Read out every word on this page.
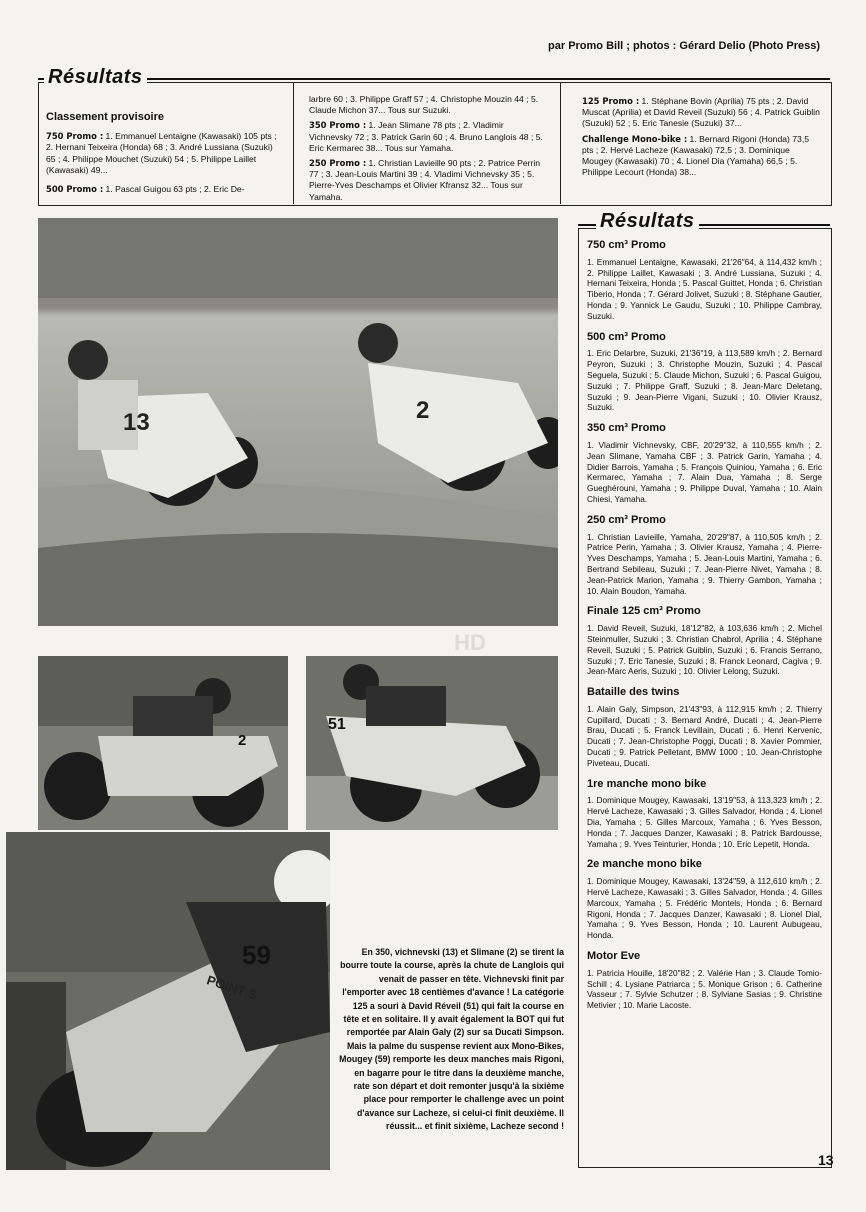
par Promo Bill ; photos : Gérard Delio (Photo Press)
Résultats
Classement provisoire

750 Promo : 1. Emmanuel Lentaigne (Kawasaki) 105 pts ; 2. Hernani Teixeira (Honda) 68 ; 3. André Lussiana (Suzuki) 65 ; 4. Philippe Mouchet (Suzuki) 54 ; 5. Philippe Laillet (Kawasaki) 49...

500 Promo : 1. Pascal Guigou 63 pts ; 2. Eric De-

larbre 60 ; 3. Philippe Graff 57 ; 4. Christophe Mouzin 44 ; 5. Claude Michon 37... Tous sur Suzuki.

350 Promo : 1. Jean Slimane 78 pts ; 2. Vladimir Vichnevsky 72 ; 3. Patrick Garin 60 ; 4. Bruno Langlois 48 ; 5. Eric Kermarec 38... Tous sur Yamaha.

250 Promo : 1. Christian Lavieille 90 pts ; 2. Patrice Perrin 77 ; 3. Jean-Louis Martini 39 ; 4. Vladimi Vichnevsky 35 ; 5. Pierre-Yves Deschamps et Olivier Kfransz 32... Tous sur Yamaha.

125 Promo : 1. Stéphane Bovin (Aprilia) 75 pts ; 2. David Muscat (Aprilia) et David Reveil (Suzuki) 56 ; 4. Patrick Guiblin (Suzuki) 52 ; 5. Eric Tanesie (Suzuki) 37...

Challenge Mono-bike : 1. Bernard Rigoni (Honda) 73,5 pts ; 2. Hervé Lacheze (Kawasaki) 72,5 ; 3. Dominique Mougey (Kawasaki) 70 ; 4. Lionel Dia (Yamaha) 66,5 ; 5. Philippe Lecourt (Honda) 38...

13	2
2
51
59
POINT S
HD
En 350, vichnevski (13) et Slimane (2) se tirent la bourre toute la course, après la chute de Langlois qui venait de passer en tête. Vichnevski finit par l'emporter avec 18 centièmes d'avance ! La catégorie 125 a souri à David Réveil (51) qui fait la course en tête et en solitaire. Il y avait également la BOT qui fut remportée par Alain Galy (2) sur sa Ducati Simpson. Mais la palme du suspense revient aux Mono-Bikes, Mougey (59) remporte les deux manches mais Rigoni, en bagarre pour le titre dans la deuxième manche, rate son départ et doit remonter jusqu'à la sixième place pour remporter le challenge avec un point d'avance sur Lacheze, si celui-ci finit deuxième. Il réussit... et finit sixième, Lacheze second !
Résultats
750 cm³ Promo

1. Emmanuel Lentaigne, Kawasaki, 21'26"64, à 114,432 km/h ; 2. Philippe Laillet, Kawasaki ; 3. André Lussiana, Suzuki ; 4. Hernani Teixeira, Honda ; 5. Pascal Guittet, Honda ; 6. Christian Tiberio, Honda ; 7. Gérard Jolivet, Suzuki ; 8. Stéphane Gautier, Honda ; 9. Yannick Le Gaudu, Suzuki ; 10. Philippe Cambray, Suzuki.

500 cm³ Promo

1. Eric Delarbre, Suzuki, 21'36"19, à 113,589 km/h ; 2. Bernard Peyron, Suzuki ; 3. Christophe Mouzin, Suzuki ; 4. Pascal Seguela, Suzuki ; 5. Claude Michon, Suzuki ; 6. Pascal Guigou, Suzuki ; 7. Philippe Graff, Suzuki ; 8. Jean-Marc Deletang, Suzuki ; 9. Jean-Pierre Vigani, Suzuki ; 10. Olivier Krausz, Suzuki.

350 cm³ Promo

1. Vladimir Vichnevsky, CBF, 20'29"32, à 110,555 km/h ; 2. Jean Slimane, Yamaha CBF ; 3. Patrick Garin, Yamaha ; 4. Didier Barrois, Yamaha ; 5. François Quiniou, Yamaha ; 6. Eric Kermarec, Yamaha ; 7. Alain Dua, Yamaha ; 8. Serge Gueghérouni, Yamaha ; 9. Philippe Duval, Yamaha ; 10. Alain Chiesi, Yamaha.

250 cm³ Promo

1. Christian Lavieille, Yamaha, 20'29"87, à 110,505 km/h ; 2. Patrice Perin, Yamaha ; 3. Olivier Krausz, Yamaha ; 4. Pierre-Yves Deschamps, Yamaha ; 5. Jean-Louis Martini, Yamaha ; 6. Bertrand Sebileau, Suzuki ; 7. Jean-Pierre Nivet, Yamaha ; 8. Jean-Patrick Marion, Yamaha ; 9. Thierry Gambon, Yamaha ; 10. Alain Boudon, Yamaha.

Finale 125 cm³ Promo

1. David Reveil, Suzuki, 18'12"82, à 103,636 km/h ; 2. Michel Steinmuller, Suzuki ; 3. Christian Chabrol, Aprilia ; 4. Stéphane Reveil, Suzuki ; 5. Patrick Guiblin, Suzuki ; 6. Francis Serrano, Suzuki ; 7. Eric Tanesie, Suzuki ; 8. Franck Leonard, Cagiva ; 9. Jean-Marc Aeris, Suzuki ; 10. Olivier Lelong, Suzuki.

Bataille des twins

1. Alain Galy, Simpson, 21'43"93, à 112,915 km/h ; 2. Thierry Cupillard, Ducati ; 3. Bernard André, Ducati ; 4. Jean-Pierre Brau, Ducati ; 5. Franck Levillain, Ducati ; 6. Henri Kervenic, Ducati ; 7. Jean-Christophe Poggi, Ducati ; 8. Xavier Pommier, Ducati ; 9. Patrick Pelletant, BMW 1000 ; 10. Jean-Christophe Piveteau, Ducati.

1re manche mono bike

1. Dominique Mougey, Kawasaki, 13'19"53, à 113,323 km/h ; 2. Hervé Lacheze, Kawasaki ; 3. Gilles Salvador, Honda ; 4. Lionel Dia, Yamaha ; 5. Gilles Marcoux, Yamaha ; 6. Yves Besson, Honda ; 7. Jacques Danzer, Kawasaki ; 8. Patrick Bardousse, Yamaha ; 9. Yves Teinturier, Honda ; 10. Eric Lepetit, Honda.

2e manche mono bike

1. Dominique Mougey, Kawasaki, 13'24"59, à 112,610 km/h ; 2. Hervé Lacheze, Kawasaki ; 3. Gilles Salvador, Honda ; 4. Gilles Marcoux, Yamaha ; 5. Frédéric Montels, Honda ; 6. Bernard Rigoni, Honda ; 7. Jacques Danzer, Kawasaki ; 8. Lionel Dial, Yamaha ; 9. Yves Besson, Honda ; 10. Laurent Aubugeau, Honda.

Motor Eve

1. Patricia Houille, 18'20"82 ; 2. Valérie Han ; 3. Claude Tomio-Schill ; 4. Lysiane Patriarca ; 5. Monique Grison ; 6. Catherine Vasseur ; 7. Sylvie Schutzer ; 8. Sylviane Sasias ; 9. Christine Metivier ; 10. Marie Lacoste.

13
